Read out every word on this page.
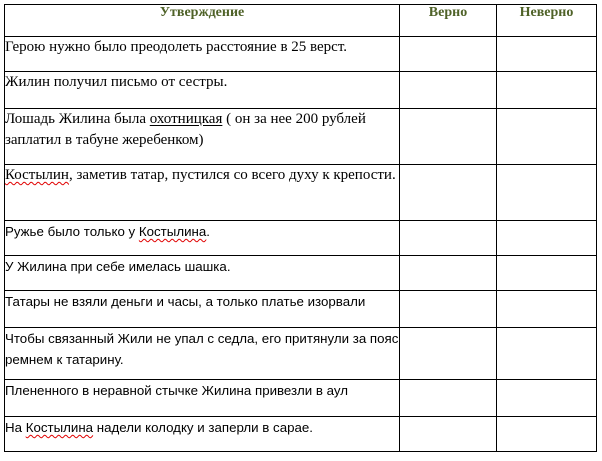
Утверждение	Верно	Неверно
Герою нужно было преодолеть расстояние в 25 верст.		
Жилин получил письмо от сестры.		
Лошадь Жилина была охотницкая ( он за нее 200 рублей заплатил в табуне жеребенком)		
Костылин, заметив татар, пустился со всего духу к крепости.		
Ружье было только у Костылина.		
У Жилина при себе имелась шашка.		
Татары не взяли деньги и часы, а только платье изорвали		
Чтобы связанный Жили не упал с седла, его притянули за пояс ремнем к татарину.		
Плененного в неравной стычке Жилина привезли в аул		
На Костылина надели колодку и заперли в сарае.		
